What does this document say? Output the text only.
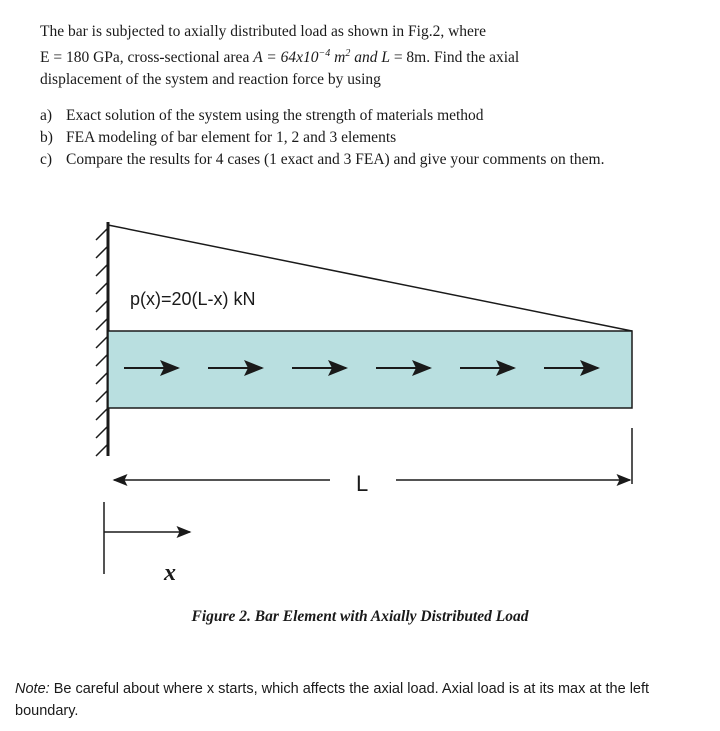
The bar is subjected to axially distributed load as shown in Fig.2, where
E = 180 GPa, cross-sectional area $A = 64x10^{-4}$ $m^2$ and L = 8m. Find the axial
displacement of the system and reaction force by using
a) Exact solution of the system using the strength of materials method
b) FEA modeling of bar element for 1, 2 and 3 elements
c) Compare the results for 4 cases (1 exact and 3 FEA) and give your comments on them.
p(x)=20(L-x) kN
L
x
Figure 2. Bar Element with Axially Distributed Load
Note: Be careful about where x starts, which affects the axial load. Axial load is at its max at the left boundary.
